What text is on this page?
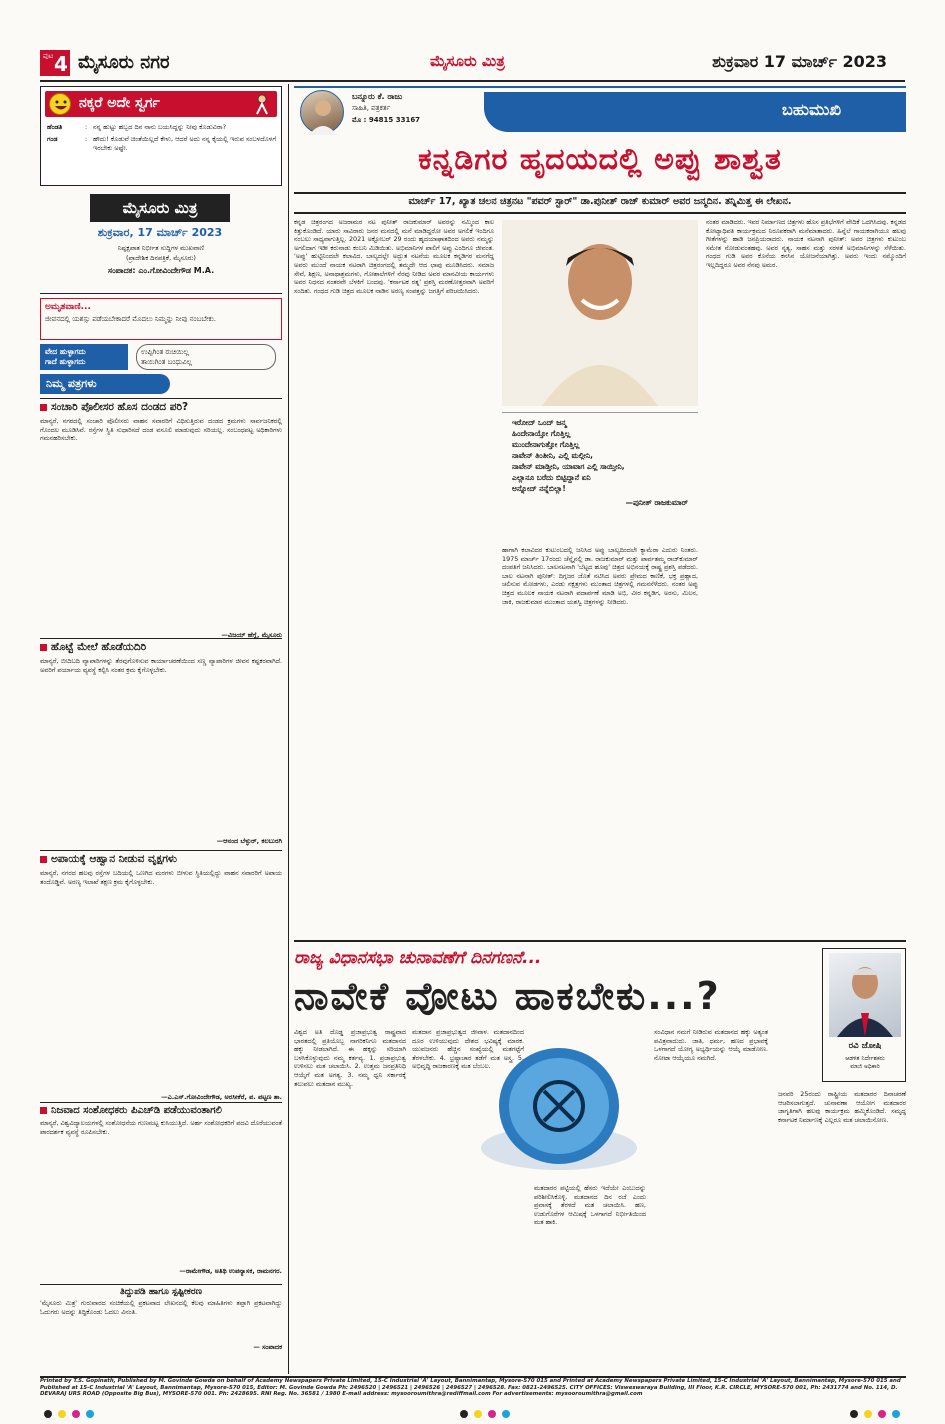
ಪುಟ 4 ಮೈಸೂರು ನಗರ	ಮೈಸೂರು ಮಿತ್ರ	ಶುಕ್ರವಾರ 17 ಮಾರ್ಚ್ 2023
ನಕ್ಕರೆ ಅದೇ ಸ್ವರ್ಗ
ಹೆಂಡತಿ	: ನನ್ನ ಹುಟ್ಟು ಹಬ್ಬದ ದಿನ ನಾನು ಬಯಸಿದ್ದನ್ನು ನೀವು ಕೊಡುವಿರಾ?
ಗಂಡ	: ಹೌದು! ಕೊಡುವೆ ಚಿಂತೆಯಿಲ್ಲದೆ ಕೇಳು, ಆದರೆ ಅದು ನನ್ನ ಕೈಯಲ್ಲಿ ಇರುವ ಸಂಬಳದೊಳಗೆ ಇರಬೇಕು ಅಷ್ಟೇ.
ಮೈಸೂರು ಮಿತ್ರ
ಶುಕ್ರವಾರ, 17 ಮಾರ್ಚ್ 2023
ನಿಷ್ಪಕ್ಷಪಾತ ನಿರ್ಭೀತ ಸುದ್ದಿಗಳ ಮುಖವಾಣಿ
(ಪ್ರಾದೇಶಿಕ ದಿನಪತ್ರಿಕೆ, ಮೈಸೂರು)
ಸಂಪಾದಕ: ಎಂ.ಗೋವಿಂದೇಗೌಡ M.A.
ಅಮೃತವಾಣಿ...
ಜೀವನದಲ್ಲಿ ಯಶಸ್ಸು ಪಡೆಯಬೇಕಾದರೆ ಮೊದಲು ನಿಮ್ಮನ್ನು ನೀವು ನಂಬಬೇಕು.
ವೇದ ಹುಳ್ಳಾಗದು
ಗಾದೆ ಹುಳ್ಳಾಗದು
ಉಪ್ಪಿಗಿಂತ ರುಚಿಯಿಲ್ಲ
ತಾಯಿಗಿಂತ ಬಂಧುವಿಲ್ಲ
ನಿಮ್ಮ ಪತ್ರಗಳು
ಸಂಚಾರಿ ಪೊಲೀಸರ ಹೊಸ ದಂಡದ ಪರಿ?
ಮಾನ್ಯರೆ, ನಗರದಲ್ಲಿ ಸಂಚಾರಿ ಪೊಲೀಸರು ವಾಹನ ಸವಾರರಿಗೆ ವಿಧಿಸುತ್ತಿರುವ ದಂಡದ ಕ್ರಮಗಳು ಸಾರ್ವಜನಿಕರಲ್ಲಿ ಗೊಂದಲ ಮೂಡಿಸಿವೆ. ರಸ್ತೆಗಳ ಸ್ಥಿತಿ ಸುಧಾರಿಸದೆ ದಂಡ ವಸೂಲಿ ಮಾಡುವುದು ಸರಿಯಲ್ಲ. ಸಂಬಂಧಪಟ್ಟ ಅಧಿಕಾರಿಗಳು ಗಮನಹರಿಸಬೇಕು.
—ವಿಜಯ್ ಹೆಗ್ಡೆ, ಮೈಸೂರು
ಹೊಟ್ಟೆ ಮೇಲೆ ಹೊಡೆಯದಿರಿ
ಮಾನ್ಯರೆ, ಬೀದಿಬದಿ ವ್ಯಾಪಾರಿಗಳನ್ನು ತೆರವುಗೊಳಿಸುವ ಕಾರ್ಯಾಚರಣೆಯಿಂದ ಸಣ್ಣ ವ್ಯಾಪಾರಿಗಳ ಜೀವನ ಕಷ್ಟಕರವಾಗಿದೆ. ಅವರಿಗೆ ಪರ್ಯಾಯ ವ್ಯವಸ್ಥೆ ಕಲ್ಪಿಸಿ ನಂತರ ಕ್ರಮ ಕೈಗೊಳ್ಳಬೇಕು.
—ಆನಂದ ಬೆಳ್ಳುರ್, ಕಲಬುರಗಿ
ಅಪಾಯಕ್ಕೆ ಆಹ್ವಾನ ನೀಡುವ ವೃಕ್ಷಗಳು
ಮಾನ್ಯರೆ, ನಗರದ ಹಲವು ರಸ್ತೆಗಳ ಬದಿಯಲ್ಲಿ ಒಣಗಿದ ಮರಗಳು ಬೀಳುವ ಸ್ಥಿತಿಯಲ್ಲಿದ್ದು ವಾಹನ ಸವಾರರಿಗೆ ಅಪಾಯ ತಂದೊಡ್ಡಿವೆ. ಅರಣ್ಯ ಇಲಾಖೆ ತಕ್ಷಣ ಕ್ರಮ ಕೈಗೊಳ್ಳಬೇಕು.
—ಎ.ಎಸ್.ಗೋವಿಂದೇಗೌಡ, ಅರಸೀಕೆರೆ, ಪ. ಪಟ್ಟಣ ತಾ.
ನಿಜವಾದ ಸಂಶೋಧಕರು ಪಿಎಚ್‌ಡಿ ಪಡೆಯುವಂತಾಗಲಿ
ಮಾನ್ಯರೆ, ವಿಶ್ವವಿದ್ಯಾಲಯಗಳಲ್ಲಿ ಸಂಶೋಧನೆಯ ಗುಣಮಟ್ಟ ಕುಸಿಯುತ್ತಿದೆ. ಅರ್ಹ ಸಂಶೋಧಕರಿಗೆ ಪದವಿ ದೊರೆಯುವಂತೆ ಪಾರದರ್ಶಕ ವ್ಯವಸ್ಥೆ ರೂಪಿಸಬೇಕು.
—ರಾಮೇಗೌಡ, ಅತಿಥಿ ಉಪನ್ಯಾಸಕ, ರಾಮನಗರ.
ತಿದ್ದುಪಡಿ ಹಾಗೂ ಸ್ಪಷ್ಟೀಕರಣ
'ಮೈಸೂರು ಮಿತ್ರ' ಗುರುವಾರದ ಸಂಚಿಕೆಯಲ್ಲಿ ಪ್ರಕಟವಾದ ಲೇಖನದಲ್ಲಿ ಕೆಲವು ಮಾಹಿತಿಗಳು ತಪ್ಪಾಗಿ ಪ್ರಕಟವಾಗಿದ್ದು ಓದುಗರು ಅದನ್ನು ತಿದ್ದಿಕೊಂಡು ಓದಲು ವಿನಂತಿ.
— ಸಂಪಾದಕ
ಬನ್ನೂರು ಕೆ. ರಾಜು
ಸಾಹಿತಿ, ಪತ್ರಕರ್ತ
ಮೊ : 94815 33167
ಬಹುಮುಖಿ
ಕನ್ನಡಿಗರ ಹೃದಯದಲ್ಲಿ ಅಪ್ಪು ಶಾಶ್ವತ
ಮಾರ್ಚ್ 17, ಖ್ಯಾತ ಚಲನ ಚಿತ್ರನಟ "ಪವರ್ ಸ್ಟಾರ್" ಡಾ.ಪುನೀತ್ ರಾಜ್ ಕುಮಾರ್ ಅವರ ಜನ್ಮದಿನ. ತನ್ನಿಮಿತ್ತ ಈ ಲೇಖನ.
ಕನ್ನಡ ಚಿತ್ರರಂಗದ ಅಜರಾಮರ ನಟ ಪುನೀತ್ ರಾಜಕುಮಾರ್ ಅವರನ್ನು ನಮ್ಮಿಂದ ಕಾಲ ಕಿತ್ತುಕೊಂಡಿದೆ. ಯಾರು ಸಾವಿರಾರು ಜನರ ಮನದಲ್ಲಿ ಮನೆ ಮಾಡಿದ್ದರೋ ಅವರ ಅಗಲಿಕೆ ಇಂದಿಗೂ ನಂಬಲು ಸಾಧ್ಯವಾಗುತ್ತಿಲ್ಲ. 2021 ಅಕ್ಟೋಬರ್ 29 ರಂದು ಹೃದಯಾಘಾತದಿಂದ ಅವರು ನಮ್ಮನ್ನು ಅಗಲಿದಾಗ ಇಡೀ ಕರುನಾಡು ಕಂಬನಿ ಮಿಡಿಯಿತು. ಅಭಿಮಾನಿಗಳ ಪಾಲಿಗೆ ಅಪ್ಪು ಎಂದಿಗೂ ಜೀವಂತ. 'ಅಪ್ಪು' ಹುಟ್ಟಿನಿಂದಲೇ ಕಲಾವಿದ. ಬಾಲ್ಯದಲ್ಲೇ ಅದ್ಭುತ ನಟನೆಯ ಮೂಲಕ ಕನ್ನಡಿಗರ ಮನಗೆದ್ದ ಅವರು ಮುಂದೆ ನಾಯಕ ನಟರಾಗಿ ಚಿತ್ರರಂಗದಲ್ಲಿ ತಮ್ಮದೇ ಆದ ಛಾಪು ಮೂಡಿಸಿದರು. ಸಮಾಜ ಸೇವೆ, ಶಿಕ್ಷಣ, ಅನಾಥಾಶ್ರಮಗಳು, ಗೋಶಾಲೆಗಳಿಗೆ ನೆರವು ನೀಡಿದ ಅವರ ಮಾನವೀಯ ಕಾರ್ಯಗಳು ಅವರ ನಿಧನದ ನಂತರವೇ ಬೆಳಕಿಗೆ ಬಂದವು. 'ಕರ್ನಾಟಕ ರತ್ನ' ಪ್ರಶಸ್ತಿ ಮರಣೋತ್ತರವಾಗಿ ಅವರಿಗೆ ಸಂದಿತು. ಗಂಧದ ಗುಡಿ ಚಿತ್ರದ ಮೂಲಕ ನಾಡಿನ ಅರಣ್ಯ ಸಂಪತ್ತನ್ನು ಜಗತ್ತಿಗೆ ಪರಿಚಯಿಸಿದರು.
ಇರೋದ್ ಒಂದ್ ಜನ್ಮ
ಹಿಂದೇನಾಯ್ತೋ ಗೊತ್ತಿಲ್ಲ
ಮುಂದೇನಾಗುತ್ತೋ ಗೊತ್ತಿಲ್ಲ
ನಾವೇನ್ ತಿಂತೀನಿ, ಎಲ್ಲಿ ಮಲ್ಗೀನಿ,
ನಾವೇನ್ ಮಾಡ್ತೀನಿ, ಯಾವಾಗ ಎಲ್ಲಿ ಸಾಯ್ತೀನಿ,
ಎಲ್ಲಾನೂ ಬರೆದು ಬಿಟ್ಟಿದ್ದಾನೆ ಏನಿ
ಅನ್ನೋದ್ ನನ್ನೆಬಿಲ್ಲಾ!
—ಪುನೀತ್ ರಾಜಕುಮಾರ್
ಹಾಗಾಗಿ ಕಲಾವಿದರ ಕುಟುಂಬದಲ್ಲಿ ಜನಿಸಿದ ಅಪ್ಪು ಬಾಲ್ಯದಿಂದಲೇ ಕ್ಯಾಮೆರಾ ಎದುರು ನಿಂತರು. 1975 ಮಾರ್ಚ್ 17ರಂದು ಚೆನ್ನೈನಲ್ಲಿ ಡಾ. ರಾಜಕುಮಾರ್ ಮತ್ತು ಪಾರ್ವತಮ್ಮ ರಾಜ್‌ಕುಮಾರ್ ದಂಪತಿಗೆ ಜನಿಸಿದರು. ಬಾಲನಟನಾಗಿ 'ಬೆಟ್ಟದ ಹೂವು' ಚಿತ್ರದ ಅಭಿನಯಕ್ಕೆ ರಾಷ್ಟ್ರ ಪ್ರಶಸ್ತಿ ಪಡೆದರು. ಬಾಲ ನಟನಾಗಿ ಪುನೀತ್: ದಿಗ್ಗಜರ ಜೊತೆ ನಟಿಸಿದ ಅವರು ಪ್ರೇಮದ ಕಾಣಿಕೆ, ಭಕ್ತ ಪ್ರಹ್ಲಾದ, ಚಲಿಸುವ ಮೋಡಗಳು, ಎರಡು ನಕ್ಷತ್ರಗಳು ಮುಂತಾದ ಚಿತ್ರಗಳಲ್ಲಿ ಗಮನಸೆಳೆದರು. ನಂತರ ಅಪ್ಪು ಚಿತ್ರದ ಮೂಲಕ ನಾಯಕ ನಟರಾಗಿ ಪದಾರ್ಪಣೆ ಮಾಡಿ ಅಭಿ, ವೀರ ಕನ್ನಡಿಗ, ಅರಸು, ಮಿಲನ, ಜಾಕಿ, ರಾಜಕುಮಾರ ಮುಂತಾದ ಯಶಸ್ವಿ ಚಿತ್ರಗಳನ್ನು ನೀಡಿದರು.
ನಂತರ ಮಾಡಿದರು. ಇವರ ನಿರ್ಮಾಣದ ಚಿತ್ರಗಳು ಹೊಸ ಪ್ರತಿಭೆಗಳಿಗೆ ವೇದಿಕೆ ಒದಗಿಸಿದವು. ಕನ್ನಡದ ಕೋಟ್ಯಾಧಿಪತಿ ಕಾರ್ಯಕ್ರಮದ ನಿರೂಪಕರಾಗಿ ಮನೆಮಾತಾದರು. ಹಿನ್ನೆಲೆ ಗಾಯಕರಾಗಿಯೂ ಹಲವು ಗೀತೆಗಳನ್ನು ಹಾಡಿ ಜನಪ್ರಿಯರಾದರು. ನಾಯಕ ನಟನಾಗಿ ಪುನೀತ್: ಅವರ ಚಿತ್ರಗಳು ಕುಟುಂಬ ಸಮೇತ ನೋಡುವಂತಹವು. ಅವರ ನೃತ್ಯ, ಸಾಹಸ ಮತ್ತು ಸರಳತೆ ಅಭಿಮಾನಿಗಳನ್ನು ಸೆಳೆಯಿತು. ಗಂಧದ ಗುಡಿ ಅವರ ಕೊನೆಯ ಕನಸಿನ ಯೋಜನೆಯಾಗಿತ್ತು. ಅವರು ಇಂದು ನಮ್ಮೊಂದಿಗೆ ಇಲ್ಲದಿದ್ದರೂ ಅವರ ನೆನಪು ಅಮರ.
ರಾಜ್ಯ ವಿಧಾನಸಭಾ ಚುನಾವಣೆಗೆ ದಿನಗಣನೆ...
ನಾವೇಕೆ ವೋಟು ಹಾಕಬೇಕು...?
ರವಿ ಜೋಷಿ
ಆಡಳಿತ ನಿರ್ದೇಶಕರು
ಮಾಜಿ ಅಧಿಕಾರಿ
ವಿಶ್ವದ ಅತಿ ದೊಡ್ಡ ಪ್ರಜಾಪ್ರಭುತ್ವ ರಾಷ್ಟ್ರವಾದ ಭಾರತದಲ್ಲಿ ಪ್ರತಿಯೊಬ್ಬ ನಾಗರಿಕನಿಗೂ ಮತದಾನದ ಹಕ್ಕು ನೀಡಲಾಗಿದೆ. ಈ ಹಕ್ಕನ್ನು ಸರಿಯಾಗಿ ಬಳಸಿಕೊಳ್ಳುವುದು ನಮ್ಮ ಕರ್ತವ್ಯ. 1. ಪ್ರಜಾಪ್ರಭುತ್ವ ಉಳಿಸಲು ಮತ ಚಲಾಯಿಸಿ. 2. ಉತ್ತಮ ಜನಪ್ರತಿನಿಧಿ ಆಯ್ಕೆಗೆ ಮತ ಅಗತ್ಯ. 3. ನಮ್ಮ ಧ್ವನಿ ಸರ್ಕಾರಕ್ಕೆ ತಲುಪಲು ಮತದಾನ ಮುಖ್ಯ.
ಮತದಾನ ಪ್ರಜಾಪ್ರಭುತ್ವದ ಜೀವಾಳ. ಮತದಾನದಿಂದ ದೂರ ಉಳಿಯುವುದು ದೇಶದ ಭವಿಷ್ಯಕ್ಕೆ ಮಾರಕ. ಯುವಜನರು ಹೆಚ್ಚಿನ ಸಂಖ್ಯೆಯಲ್ಲಿ ಮತಗಟ್ಟೆಗೆ ತೆರಳಬೇಕು. 4. ಭ್ರಷ್ಟಾಚಾರ ತಡೆಗೆ ಮತ ಅಸ್ತ್ರ. 5. ಅಭಿವೃದ್ಧಿ ರಾಜಕಾರಣಕ್ಕೆ ಮತ ಬೆಂಬಲ.
ಮತದಾರರ ಪಟ್ಟಿಯಲ್ಲಿ ಹೆಸರು ಇದೆಯೇ ಎಂಬುದನ್ನು ಪರಿಶೀಲಿಸಿಕೊಳ್ಳಿ. ಮತದಾನದ ದಿನ ರಜೆ ಎಂದು ಪ್ರವಾಸಕ್ಕೆ ತೆರಳದೆ ಮತ ಚಲಾಯಿಸಿ. ಹಣ, ಉಡುಗೊರೆಗಳ ಆಮಿಷಕ್ಕೆ ಒಳಗಾಗದೆ ನಿರ್ಭೀತಿಯಿಂದ ಮತ ಹಾಕಿ.
ಸಂವಿಧಾನ ನಮಗೆ ನೀಡಿರುವ ಮತದಾನದ ಹಕ್ಕು ಅತ್ಯಂತ ಪವಿತ್ರವಾದುದು. ಜಾತಿ, ಧರ್ಮ, ಹಣದ ಪ್ರಭಾವಕ್ಕೆ ಒಳಗಾಗದೆ ಯೋಗ್ಯ ಅಭ್ಯರ್ಥಿಯನ್ನು ಆಯ್ಕೆ ಮಾಡೋಣ. ನೋಟಾ ಆಯ್ಕೆಯೂ ನಮಗಿದೆ.
ಜನವರಿ 25ರಂದು ರಾಷ್ಟ್ರೀಯ ಮತದಾರರ ದಿನಾಚರಣೆ ಆಚರಿಸಲಾಗುತ್ತದೆ. ಚುನಾವಣಾ ಆಯೋಗ ಮತದಾರರ ಜಾಗೃತಿಗಾಗಿ ಹಲವು ಕಾರ್ಯಕ್ರಮ ಹಮ್ಮಿಕೊಂಡಿದೆ. ಸಮೃದ್ಧ ಕರ್ನಾಟಕ ನಿರ್ಮಾಣಕ್ಕೆ ಎಲ್ಲರೂ ಮತ ಚಲಾಯಿಸೋಣ.
Printed by T.S. Gopinath, Published by M. Govinde Gowda on behalf of Academy Newspapers Private Limited, 15-C Industrial 'A' Layout, Bannimantap, Mysore-570 015 and Printed at Academy Newspapers Private Limited, 15-C Industrial 'A' Layout, Bannimantap, Mysore-570 015 and Published at 15-C Industrial 'A' Layout, Bannimantap, Mysore-570 015, Editor: M. Govinde Gowda Ph: 2496520 | 2496521 | 2496526 | 2496527 | 2496528. Fax: 0821-2496525. CITY OFFICES: Visweswaraya Building, III Floor, K.R. CIRCLE, MYSORE-570 001, Ph: 2431774 and No. 114, D. DEVARAJ URS ROAD (Opposite Big Bus), MYSORE-570 001. Ph: 2428695. RNI Reg. No. 36581 / 1980 E-mail address: mysooroumithra@rediffmail.com For advertisements: mysooroumithra@gmail.com
